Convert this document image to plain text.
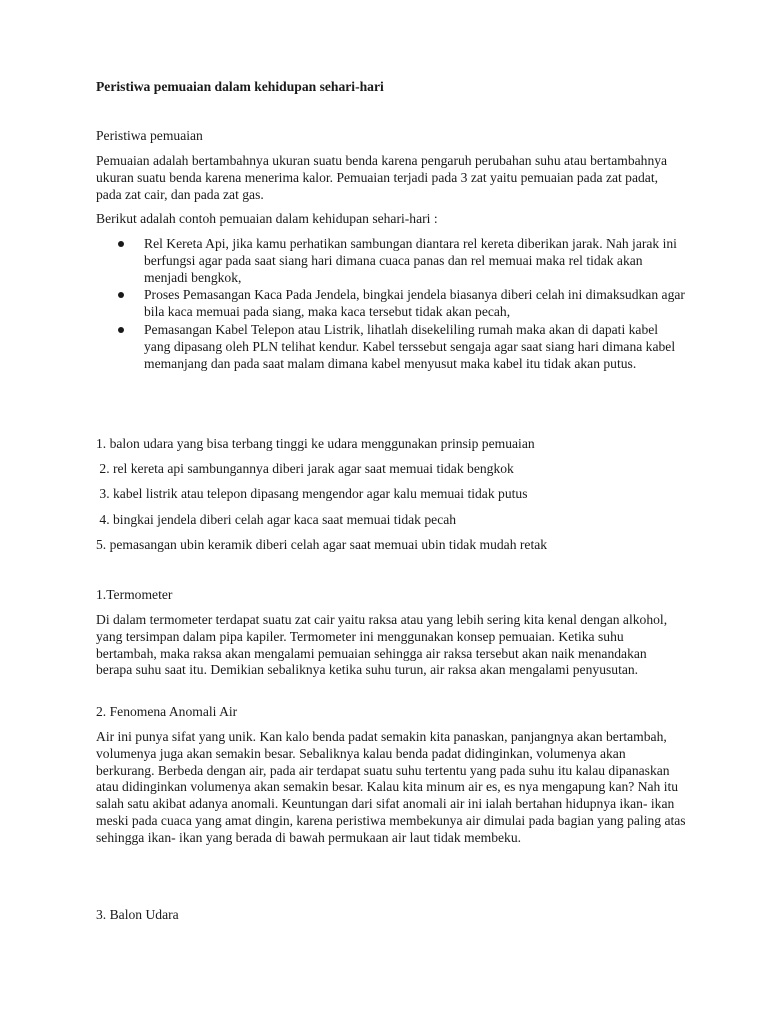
Peristiwa pemuaian dalam kehidupan sehari-hari

Peristiwa pemuaian

Pemuaian adalah bertambahnya ukuran suatu benda karena pengaruh perubahan suhu atau bertambahnya ukuran suatu benda karena menerima kalor. Pemuaian terjadi pada 3 zat yaitu pemuaian pada zat padat, pada zat cair, dan pada zat gas.

Berikut adalah contoh pemuaian dalam kehidupan sehari-hari :

Rel Kereta Api, jika kamu perhatikan sambungan diantara rel kereta diberikan jarak. Nah jarak ini berfungsi agar pada saat siang hari dimana cuaca panas dan rel memuai maka rel tidak akan menjadi bengkok,
Proses Pemasangan Kaca Pada Jendela, bingkai jendela biasanya diberi celah ini dimaksudkan agar bila kaca memuai pada siang, maka kaca tersebut tidak akan pecah,
Pemasangan Kabel Telepon atau Listrik, lihatlah disekeliling rumah maka akan di dapati kabel yang dipasang oleh PLN telihat kendur. Kabel terssebut sengaja agar saat siang hari dimana kabel memanjang dan pada saat malam dimana kabel menyusut maka kabel itu tidak akan putus.

1. balon udara yang bisa terbang tinggi ke udara menggunakan prinsip pemuaian

2. rel kereta api sambungannya diberi jarak agar saat memuai tidak bengkok

3. kabel listrik atau telepon dipasang mengendor agar kalu memuai tidak putus

4. bingkai jendela diberi celah agar kaca saat memuai tidak pecah

5. pemasangan ubin keramik diberi celah agar saat memuai ubin tidak mudah retak

1.Termometer

Di dalam termometer terdapat suatu zat cair yaitu raksa atau yang lebih sering kita kenal dengan alkohol, yang tersimpan dalam pipa kapiler. Termometer ini menggunakan konsep pemuaian. Ketika suhu bertambah, maka raksa akan mengalami pemuaian sehingga air raksa tersebut akan naik menandakan berapa suhu saat itu. Demikian sebaliknya ketika suhu turun, air raksa akan mengalami penyusutan.

2. Fenomena Anomali Air

Air ini punya sifat yang unik. Kan kalo benda padat semakin kita panaskan, panjangnya akan bertambah, volumenya juga akan semakin besar. Sebaliknya kalau benda padat didinginkan, volumenya akan berkurang. Berbeda dengan air, pada air terdapat suatu suhu tertentu yang pada suhu itu kalau dipanaskan atau didinginkan volumenya akan semakin besar. Kalau kita minum air es, es nya mengapung kan? Nah itu salah satu akibat adanya anomali. Keuntungan dari sifat anomali air ini ialah bertahan hidupnya ikan- ikan meski pada cuaca yang amat dingin, karena peristiwa membekunya air dimulai pada bagian yang paling atas sehingga ikan- ikan yang berada di bawah permukaan air laut tidak membeku.

3. Balon Udara
